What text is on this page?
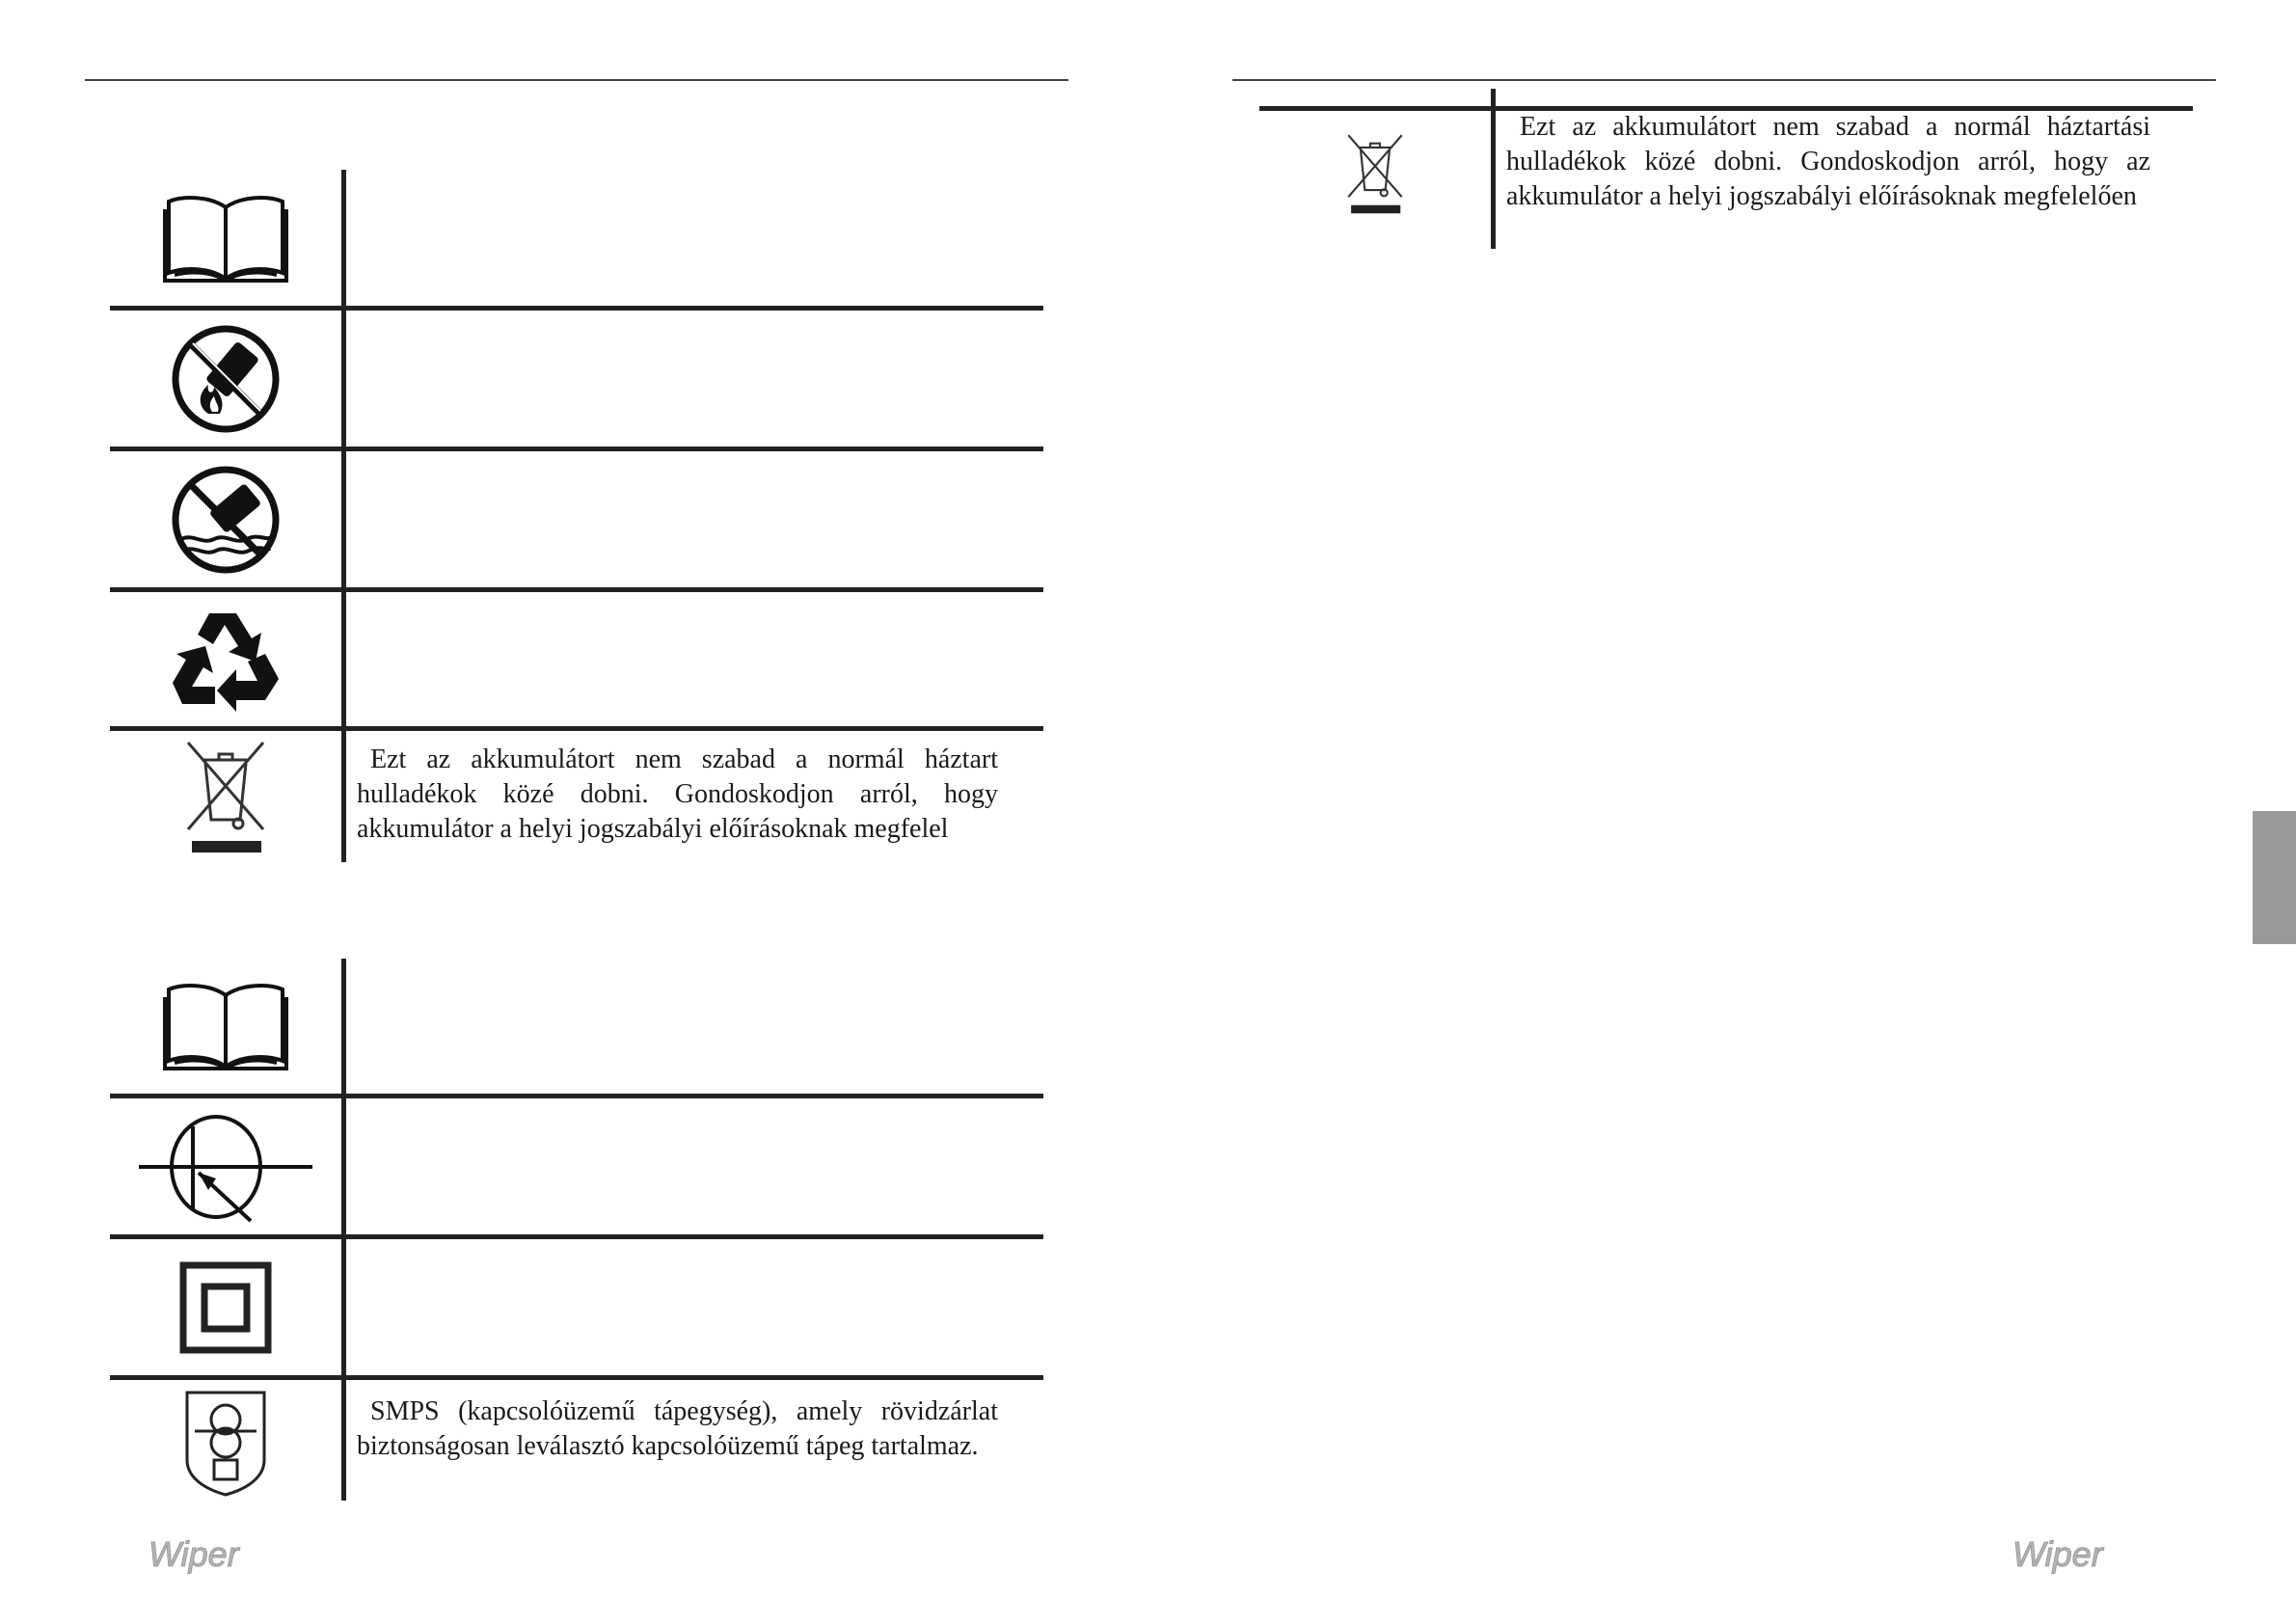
Ezt az akkumulátort nem szabad a normál háztart hulladékok közé dobni. Gondoskodjon arról, hogy akkumulátor a helyi jogszabályi előírásoknak megfelel
SMPS (kapcsolóüzemű tápegység), amely rövidzárlat biztonságosan leválasztó kapcsolóüzemű tápeg tartalmaz.
Wiper
Ezt az akkumulátort nem szabad a normál háztartási hulladékok közé dobni. Gondoskodjon arról, hogy az akkumulátor a helyi jogszabályi előírásoknak megfelelően
Wiper
